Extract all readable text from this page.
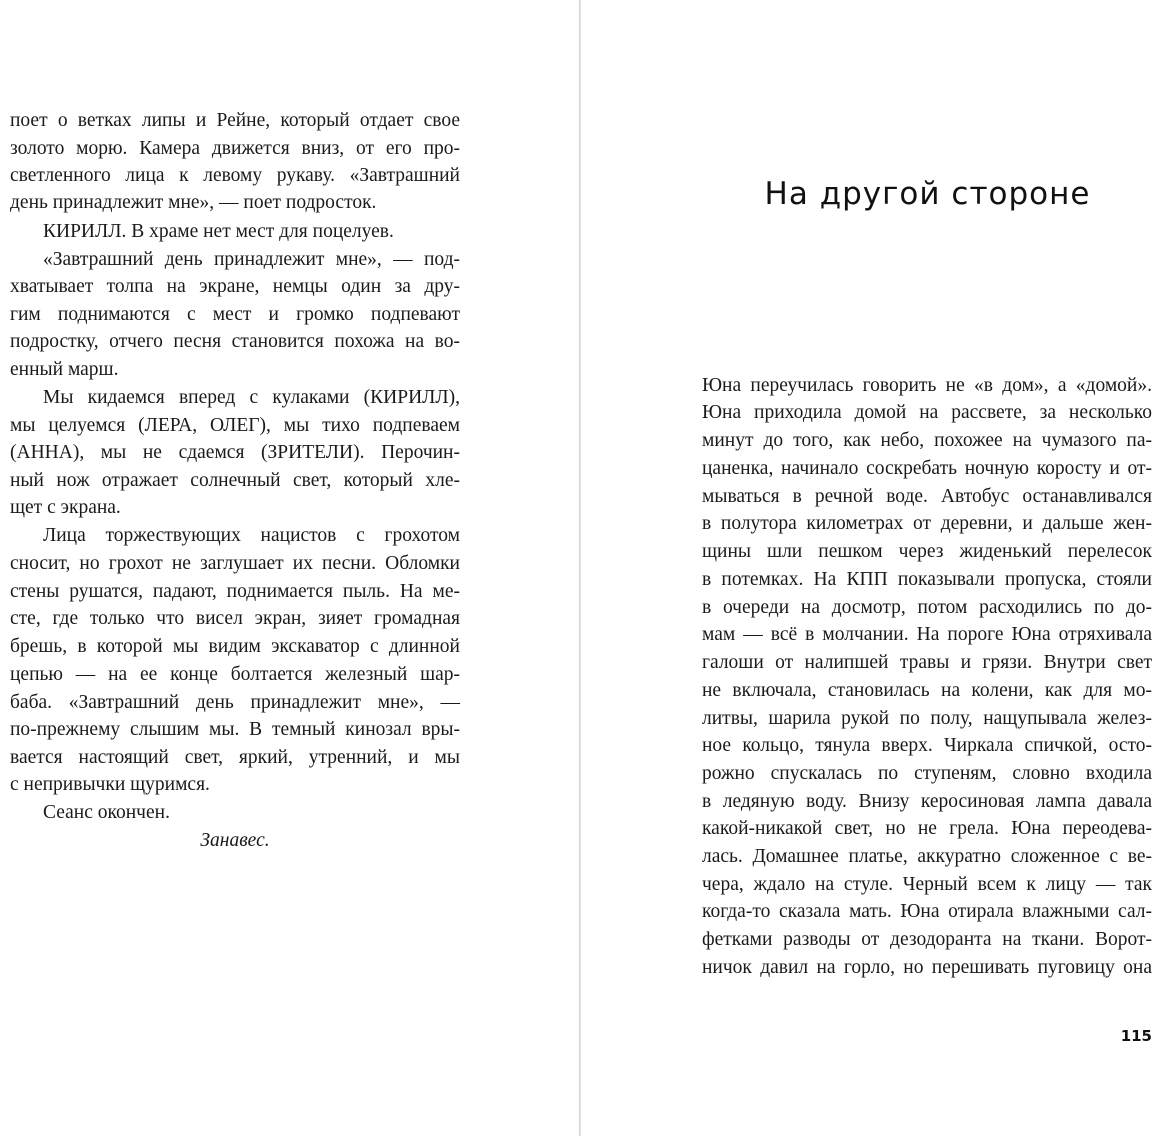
поет о ветках липы и Рейне, который отдает свое
золото морю. Камера движется вниз, от его про-
светленного лица к левому рукаву. «Завтрашний
день принадлежит мне», — поет подросток.
КИРИЛЛ. В храме нет мест для поцелуев.
«Завтрашний день принадлежит мне», — под-
хватывает толпа на экране, немцы один за дру-
гим поднимаются с мест и громко подпевают
подростку, отчего песня становится похожа на во-
енный марш.
Мы кидаемся вперед с кулаками (КИРИЛЛ),
мы целуемся (ЛЕРА, ОЛЕГ), мы тихо подпеваем
(АННА), мы не сдаемся (ЗРИТЕЛИ). Перочин-
ный нож отражает солнечный свет, который хле-
щет с экрана.
Лица торжествующих нацистов с грохотом
сносит, но грохот не заглушает их песни. Обломки
стены рушатся, падают, поднимается пыль. На ме-
сте, где только что висел экран, зияет громадная
брешь, в которой мы видим экскаватор с длинной
цепью — на ее конце болтается железный шар-
баба. «Завтрашний день принадлежит мне», —
по-прежнему слышим мы. В темный кинозал вры-
вается настоящий свет, яркий, утренний, и мы
с непривычки щуримся.
Сеанс окончен.
Занавес.
На другой стороне
Юна переучилась говорить не «в дом», а «домой».
Юна приходила домой на рассвете, за несколько
минут до того, как небо, похожее на чумазого па-
цаненка, начинало соскребать ночную коросту и от-
мываться в речной воде. Автобус останавливался
в полутора километрах от деревни, и дальше жен-
щины шли пешком через жиденький перелесок
в потемках. На КПП показывали пропуска, стояли
в очереди на досмотр, потом расходились по до-
мам — всё в молчании. На пороге Юна отряхивала
галоши от налипшей травы и грязи. Внутри свет
не включала, становилась на колени, как для мо-
литвы, шарила рукой по полу, нащупывала желез-
ное кольцо, тянула вверх. Чиркала спичкой, осто-
рожно спускалась по ступеням, словно входила
в ледяную воду. Внизу керосиновая лампа давала
какой-никакой свет, но не грела. Юна переодева-
лась. Домашнее платье, аккуратно сложенное с ве-
чера, ждало на стуле. Черный всем к лицу — так
когда-то сказала мать. Юна отирала влажными сал-
фетками разводы от дезодоранта на ткани. Ворот-
ничок давил на горло, но перешивать пуговицу она
115
